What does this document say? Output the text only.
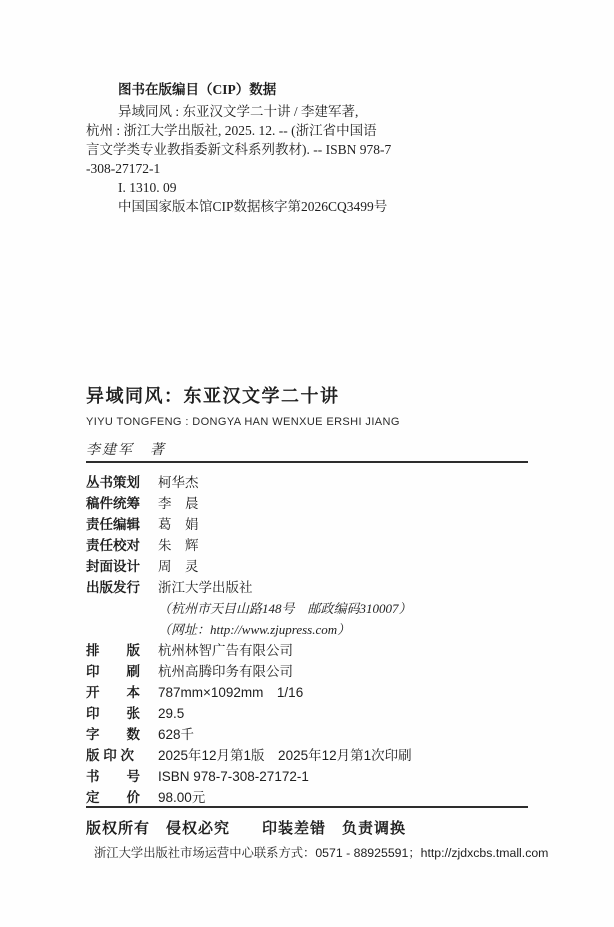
图书在版编目（CIP）数据

异域同风 : 东亚汉文学二十讲 / 李建军著,

杭州 : 浙江大学出版社, 2025. 12. -- (浙江省中国语

言文学类专业教指委新文科系列教材). -- ISBN 978-7

-308-27172-1

I. 1310. 09

中国国家版本馆CIP数据核字第2026CQ3499号

异域同风：东亚汉文学二十讲

YIYU TONGFENG : DONGYA HAN WENXUE ERSHI JIANG

李建军　著

丛书策划	柯华杰
稿件统筹	李　晨
责任编辑	葛　娟
责任校对	朱　辉
封面设计	周　灵
出版发行	浙江大学出版社
（杭州市天目山路148号　邮政编码310007）
（网址：http://www.zjupress.com）
排　　版	杭州林智广告有限公司
印　　刷	杭州高腾印务有限公司
开　　本	787mm×1092mm　1/16
印　　张	29.5
字　　数	628千
版 印 次	2025年12月第1版　2025年12月第1次印刷
书　　号	ISBN 978-7-308-27172-1
定　　价	98.00元

版权所有　侵权必究　　印装差错　负责调换

浙江大学出版社市场运营中心联系方式：0571 - 88925591；http://zjdxcbs.tmall.com
